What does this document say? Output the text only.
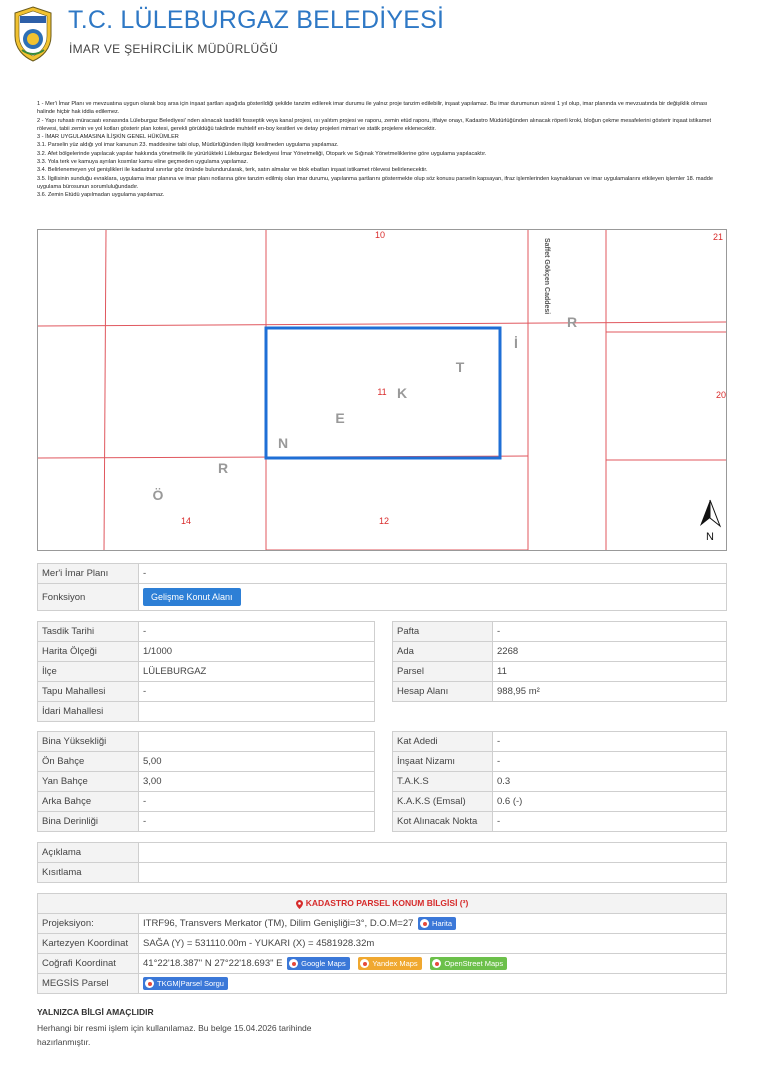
T.C. LÜLEBURGAZ BELEDİYESİ
İMAR VE ŞEHİRCİLİK MÜDÜRLÜĞÜ

1 - Mer'i İmar Planı ve mevzuatına uygun olarak boş arsa için inşaat şartları aşağıda gösterildiği şekilde tanzim edilerek imar durumu ile yalnız proje tanzim edilebilir, inşaat yapılamaz. Bu imar durumunun süresi 1 yıl olup, imar planında ve mevzuatında bir değişiklik olması halinde hiçbir hak iddia edilemez.

2 - Yapı ruhsatı müracaatı esnasında Lüleburgaz Belediyesi' nden alınacak tasdikli fosseptik veya kanal projesi, ısı yalıtım projesi ve raporu, zemin etüd raporu, itfaiye onayı, Kadastro Müdürlüğünden alınacak röperli kroki, bloğun çekme mesafelerini gösterir inşaat istikamet rölevesi, tabii zemin ve yol kotları gösterir plan kotesi, gerekli görüldüğü takdirde muhtelif en-boy kesitleri ve detay projeleri mimari ve statik projelere eklenecektir.

3 - İMAR UYGULAMASINA İLİŞKİN GENEL HÜKÜMLER

3.1. Parselin yüz aldığı yol imar kanunun 23. maddesine tabi olup, Müdürlüğünden ilişiği kesilmeden uygulama yapılamaz.

3.2. Afet bölgelerinde yapılacak yapılar hakkında yönetmelik ile yürürlükteki Lüleburgaz Belediyesi İmar Yönetmeliği, Otopark ve Sığınak Yönetmeliklerine göre uygulama yapılacaktır.

3.3. Yola terk ve kamuya ayrılan kısımlar kamu eline geçmeden uygulama yapılamaz.

3.4. Belirlenemeyen yol genişlikleri ile kadastral sınırlar göz önünde bulundurularak, terk, satın almalar ve blok ebatları inşaat istikamet rölevesi belirlenecektir.

3.5. İlgilisinin sunduğu evraklara, uygulama imar planına ve imar planı notlarına göre tanzim edilmiş olan imar durumu, yapılanma şartlarını göstermekte olup söz konusu parselin kapsayan, ifraz işlemlerinden kaynaklanan ve imar uygulamalarını etkileyen işlemler 18. madde uygulama bürosunun sorumluluğundadır.

3.6. Zemin Etüdü yapılmadan uygulama yapılamaz.

10	21
11	20
14	12
Saffet Gökçen Caddesi
Ö
R
N
E
K
T
İ
R
N
Mer'i İmar Planı	-
Fonksiyon	Gelişme Konut Alanı
Tasdik Tarihi	-
Harita Ölçeği	1/1000
İlçe	LÜLEBURGAZ
Tapu Mahallesi	-
İdari Mahallesi	
Pafta	-
Ada	2268
Parsel	11
Hesap Alanı	988,95 m²
Bina Yüksekliği	
Ön Bahçe	5,00
Yan Bahçe	3,00
Arka Bahçe	-
Bina Derinliği	-
Kat Adedi	-
İnşaat Nizamı	-
T.A.K.S	0.3
K.A.K.S (Emsal)	0.6 (-)
Kot Alınacak Nokta	-
Açıklama	
Kısıtlama	
KADASTRO PARSEL KONUM BİLGİSİ (³)	
Projeksiyon:	ITRF96, Transvers Merkator (TM), Dilim Genişliği=3°, D.O.M=27 Harita

Kartezyen Koordinat	SAĞA (Y) = 531110.00m - YUKARI (X) = 4581928.32m
Coğrafi Koordinat	41°22'18.387" N 27°22'18.693" E Google Maps
Yandex Maps
OpenStreet Maps

MEGSİS Parsel	TKGM|Parsel Sorgu
YALNIZCA BİLGİ AMAÇLIDIR
Herhangi bir resmi işlem için kullanılamaz. Bu belge 15.04.2026 tarihinde hazırlanmıştır.
